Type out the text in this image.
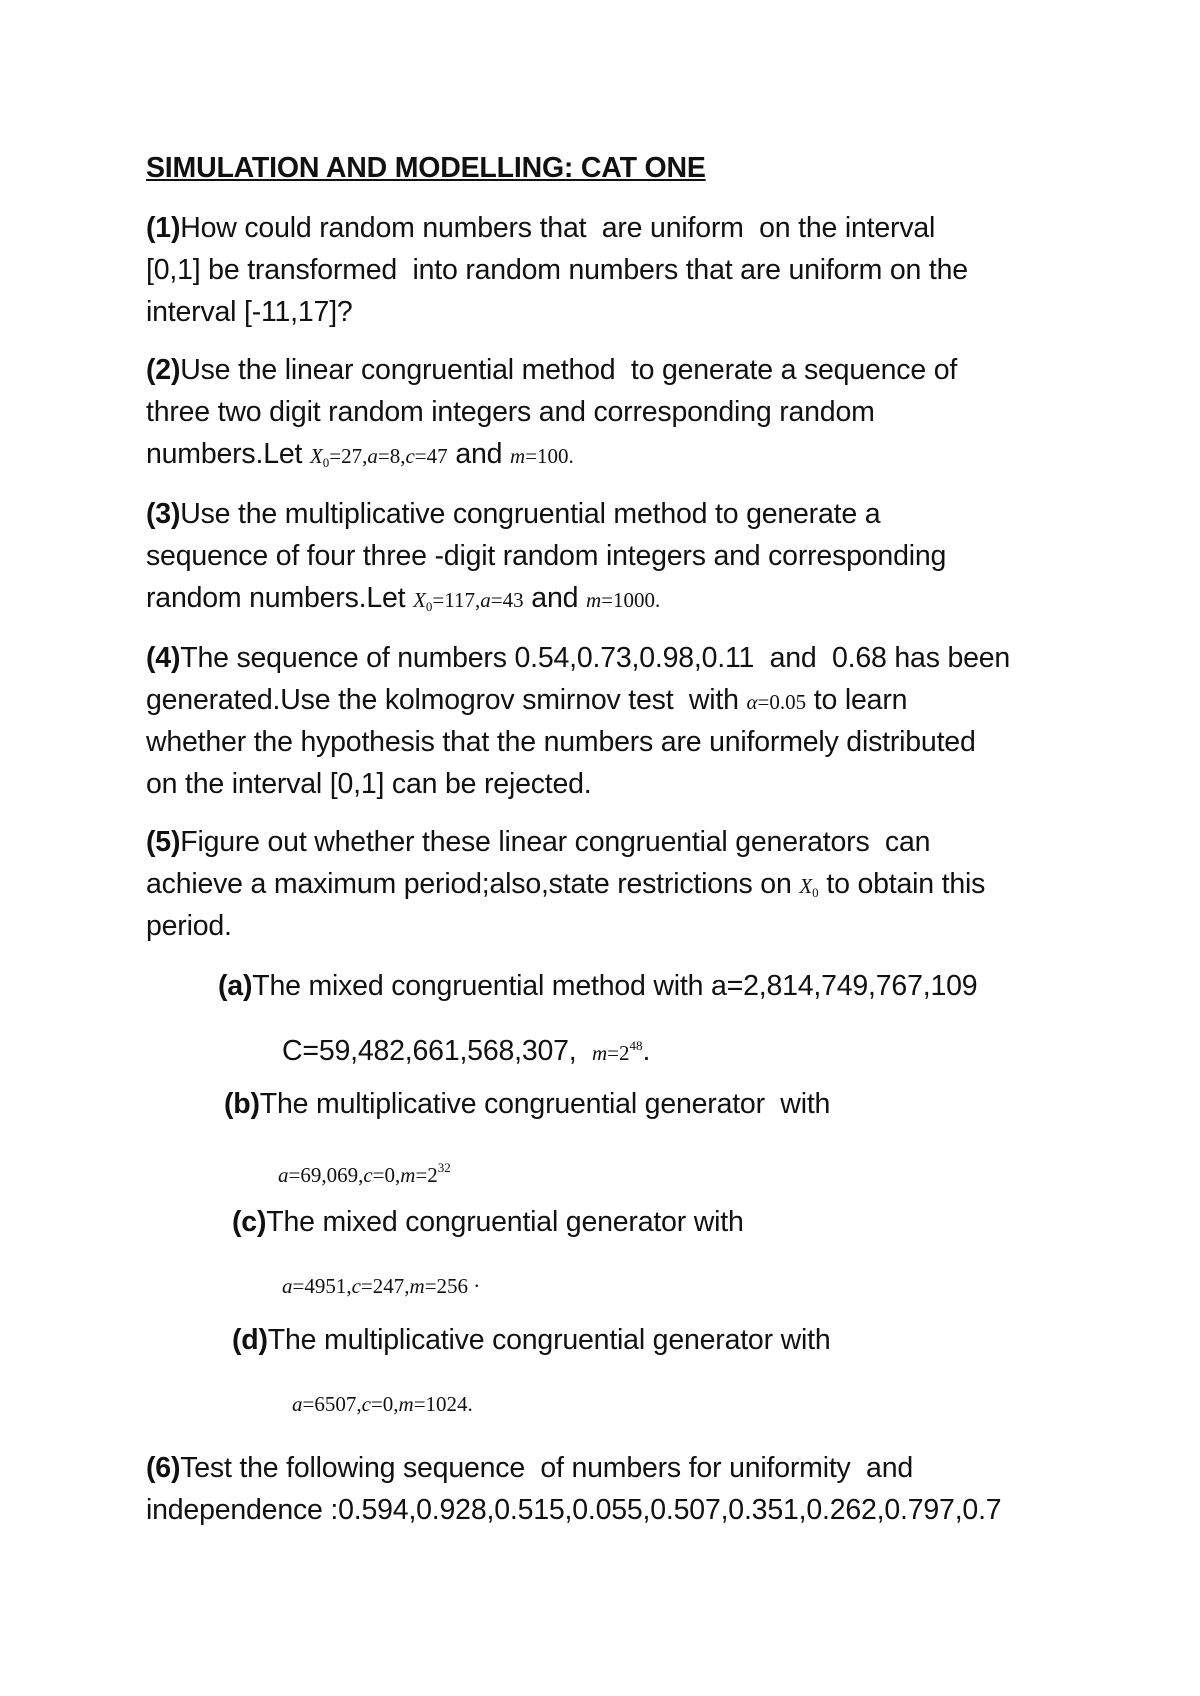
SIMULATION AND MODELLING: CAT ONE
(1)How could random numbers that  are uniform  on the interval
[0,1] be transformed  into random numbers that are uniform on the
interval [-11,17]?
(2)Use the linear congruential method  to generate a sequence of
three two digit random integers and corresponding random
numbers.Let $X_0=27,a=8,c=47$ and m=100.
(3)Use the multiplicative congruential method to generate a
sequence of four three -digit random integers and corresponding
random numbers.Let $X_0=117,a=43$ and m=1000.
(4)The sequence of numbers 0.54,0.73,0.98,0.11  and  0.68 has been
generated.Use the kolmogrov smirnov test  with α=0.05 to learn
whether the hypothesis that the numbers are uniformely distributed
on the interval [0,1] can be rejected.
(5)Figure out whether these linear congruential generators  can
achieve a maximum period;also,state restrictions on $X_0$ to obtain this
period.
(a)The mixed congruential method with a=2,814,749,767,109
C=59,482,661,568,307,  $m=2^{48}$.
(b)The multiplicative congruential generator  with
$a=69,069,c=0,m=2^{32}$
(c)The mixed congruential generator with
a=4951,c=247,m=256 ·
(d)The multiplicative congruential generator with
a=6507,c=0,m=1024.
(6)Test the following sequence  of numbers for uniformity  and
independence :0.594,0.928,0.515,0.055,0.507,0.351,0.262,0.797,0.7
